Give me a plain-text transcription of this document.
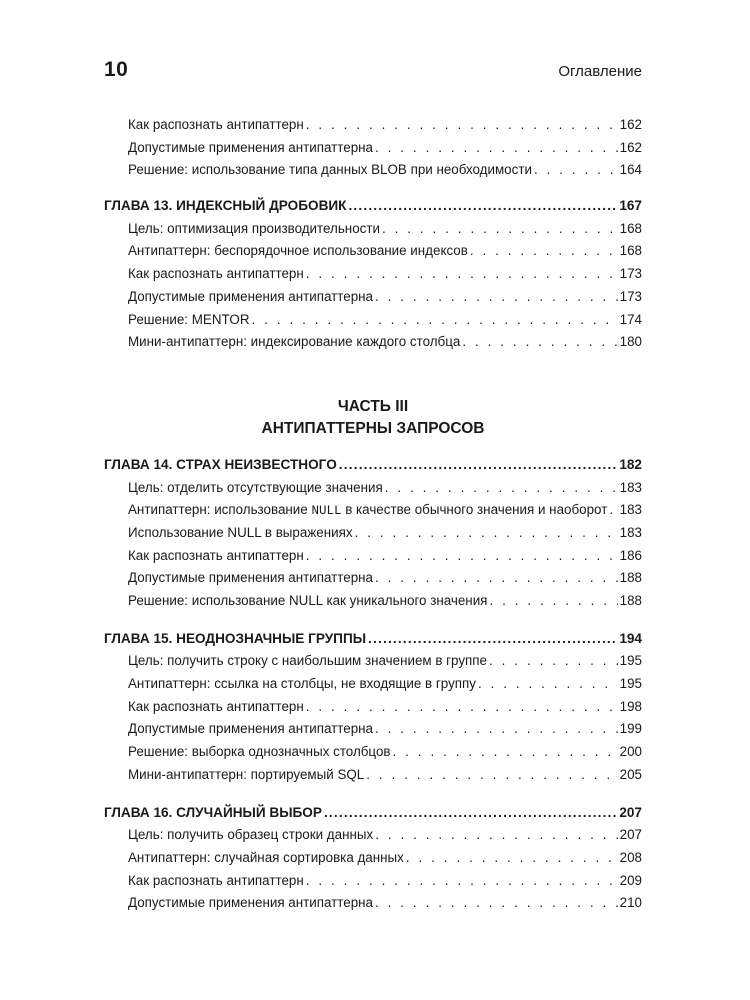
10	Оглавление
Как распознать антипаттерн . . .	162
Допустимые применения антипаттерна . . .	162
Решение: использование типа данных BLOB при необходимости . . .	164
ГЛАВА 13. ИНДЕКСНЫЙ ДРОБОВИК .....	167
Цель: оптимизация производительности . . .	168
Антипаттерн: беспорядочное использование индексов . . .	168
Как распознать антипаттерн . . .	173
Допустимые применения антипаттерна . . .	173
Решение: MENTOR . . .	174
Мини-антипаттерн: индексирование каждого столбца . . .	180
ЧАСТЬ III
АНТИПАТТЕРНЫ ЗАПРОСОВ
ГЛАВА 14. СТРАХ НЕИЗВЕСТНОГО .....	182
Цель: отделить отсутствующие значения . . .	183
Антипаттерн: использование NULL в качестве обычного значения и наоборот . . . 183
Использование NULL в выражениях . . .	183
Как распознать антипаттерн . . .	186
Допустимые применения антипаттерна . . .	188
Решение: использование NULL как уникального значения . . .	188
ГЛАВА 15. НЕОДНОЗНАЧНЫЕ ГРУППЫ .....	194
Цель: получить строку с наибольшим значением в группе . . .	195
Антипаттерн: ссылка на столбцы, не входящие в группу . . .	195
Как распознать антипаттерн . . .	198
Допустимые применения антипаттерна . . .	199
Решение: выборка однозначных столбцов . . .	200
Мини-антипаттерн: портируемый SQL . . .	205
ГЛАВА 16. СЛУЧАЙНЫЙ ВЫБОР .....	207
Цель: получить образец строки данных . . .	207
Антипаттерн: случайная сортировка данных . . .	208
Как распознать антипаттерн . . .	209
Допустимые применения антипаттерна . . .	210
